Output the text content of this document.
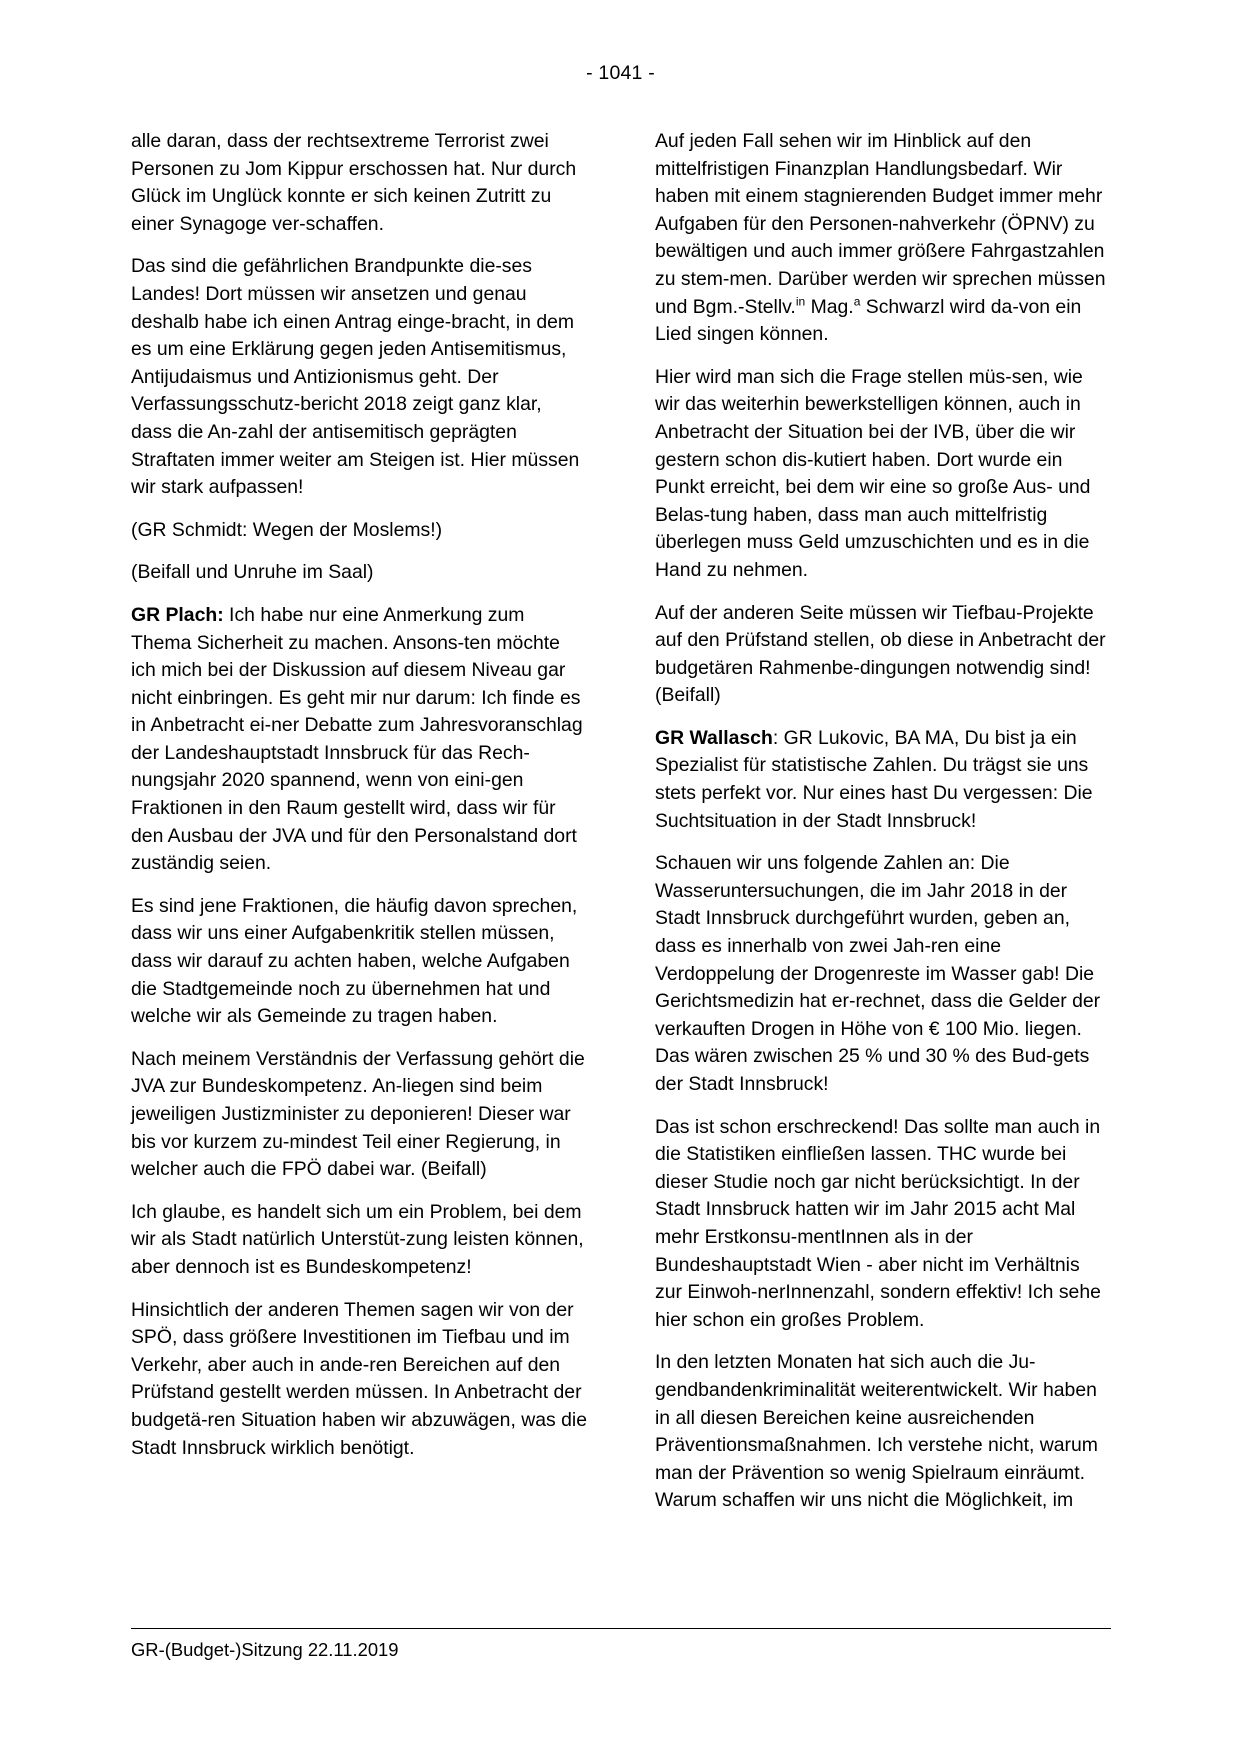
- 1041 -

alle daran, dass der rechtsextreme Terrorist zwei Personen zu Jom Kippur erschossen hat. Nur durch Glück im Unglück konnte er sich keinen Zutritt zu einer Synagoge ver-schaffen.

Das sind die gefährlichen Brandpunkte die-ses Landes! Dort müssen wir ansetzen und genau deshalb habe ich einen Antrag einge-bracht, in dem es um eine Erklärung gegen jeden Antisemitismus, Antijudaismus und Antizionismus geht. Der Verfassungsschutz-bericht 2018 zeigt ganz klar, dass die An-zahl der antisemitisch geprägten Straftaten immer weiter am Steigen ist. Hier müssen wir stark aufpassen!

(GR Schmidt: Wegen der Moslems!)

(Beifall und Unruhe im Saal)

GR Plach: Ich habe nur eine Anmerkung zum Thema Sicherheit zu machen. Ansons-ten möchte ich mich bei der Diskussion auf diesem Niveau gar nicht einbringen. Es geht mir nur darum: Ich finde es in Anbetracht ei-ner Debatte zum Jahresvoranschlag der Landeshauptstadt Innsbruck für das Rech-nungsjahr 2020 spannend, wenn von eini-gen Fraktionen in den Raum gestellt wird, dass wir für den Ausbau der JVA und für den Personalstand dort zuständig seien.

Es sind jene Fraktionen, die häufig davon sprechen, dass wir uns einer Aufgabenkritik stellen müssen, dass wir darauf zu achten haben, welche Aufgaben die Stadtgemeinde noch zu übernehmen hat und welche wir als Gemeinde zu tragen haben.

Nach meinem Verständnis der Verfassung gehört die JVA zur Bundeskompetenz. An-liegen sind beim jeweiligen Justizminister zu deponieren! Dieser war bis vor kurzem zu-mindest Teil einer Regierung, in welcher auch die FPÖ dabei war. (Beifall)

Ich glaube, es handelt sich um ein Problem, bei dem wir als Stadt natürlich Unterstüt-zung leisten können, aber dennoch ist es Bundeskompetenz!

Hinsichtlich der anderen Themen sagen wir von der SPÖ, dass größere Investitionen im Tiefbau und im Verkehr, aber auch in ande-ren Bereichen auf den Prüfstand gestellt werden müssen. In Anbetracht der budgetä-ren Situation haben wir abzuwägen, was die Stadt Innsbruck wirklich benötigt.

Auf jeden Fall sehen wir im Hinblick auf den mittelfristigen Finanzplan Handlungsbedarf. Wir haben mit einem stagnierenden Budget immer mehr Aufgaben für den Personen-nahverkehr (ÖPNV) zu bewältigen und auch immer größere Fahrgastzahlen zu stem-men. Darüber werden wir sprechen müssen und Bgm.-Stellv.$^{in}$ Mag.$^a$ Schwarzl wird da-von ein Lied singen können.

Hier wird man sich die Frage stellen müs-sen, wie wir das weiterhin bewerkstelligen können, auch in Anbetracht der Situation bei der IVB, über die wir gestern schon dis-kutiert haben. Dort wurde ein Punkt erreicht, bei dem wir eine so große Aus- und Belas-tung haben, dass man auch mittelfristig überlegen muss Geld umzuschichten und es in die Hand zu nehmen.

Auf der anderen Seite müssen wir Tiefbau-Projekte auf den Prüfstand stellen, ob diese in Anbetracht der budgetären Rahmenbe-dingungen notwendig sind! (Beifall)

GR Wallasch: GR Lukovic, BA MA, Du bist ja ein Spezialist für statistische Zahlen. Du trägst sie uns stets perfekt vor. Nur eines hast Du vergessen: Die Suchtsituation in der Stadt Innsbruck!

Schauen wir uns folgende Zahlen an: Die Wasseruntersuchungen, die im Jahr 2018 in der Stadt Innsbruck durchgeführt wurden, geben an, dass es innerhalb von zwei Jah-ren eine Verdoppelung der Drogenreste im Wasser gab! Die Gerichtsmedizin hat er-rechnet, dass die Gelder der verkauften Drogen in Höhe von € 100 Mio. liegen. Das wären zwischen 25 % und 30 % des Bud-gets der Stadt Innsbruck!

Das ist schon erschreckend! Das sollte man auch in die Statistiken einfließen lassen. THC wurde bei dieser Studie noch gar nicht berücksichtigt. In der Stadt Innsbruck hatten wir im Jahr 2015 acht Mal mehr Erstkonsu-mentInnen als in der Bundeshauptstadt Wien - aber nicht im Verhältnis zur Einwoh-nerInnenzahl, sondern effektiv! Ich sehe hier schon ein großes Problem.

In den letzten Monaten hat sich auch die Ju-gendbandenkriminalität weiterentwickelt. Wir haben in all diesen Bereichen keine ausreichenden Präventionsmaßnahmen. Ich verstehe nicht, warum man der Prävention so wenig Spielraum einräumt. Warum schaffen wir uns nicht die Möglichkeit, im

GR-(Budget-)Sitzung 22.11.2019
